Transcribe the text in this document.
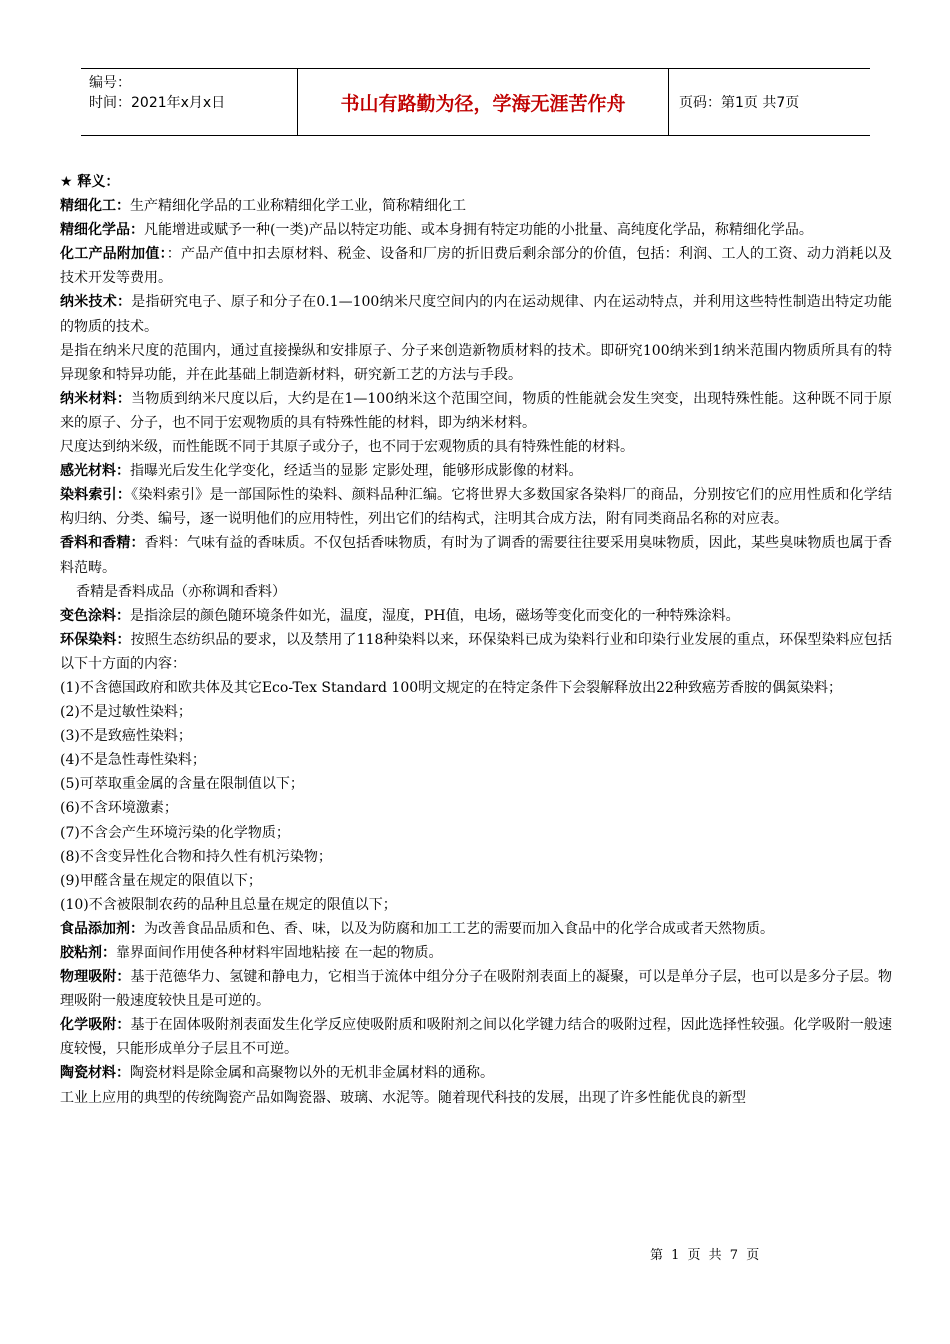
编号：
时间：2021年x月x日	书山有路勤为径，学海无涯苦作舟	页码：第1页 共7页

★ 释义：

精细化工：生产精细化学品的工业称精细化学工业，简称精细化工

精细化学品：凡能增进或赋予一种(一类)产品以特定功能、或本身拥有特定功能的小批量、高纯度化学品，称精细化学品。

化工产品附加值：：产品产值中扣去原材料、税金、设备和厂房的折旧费后剩余部分的价值，包括：利润、工人的工资、动力消耗以及技术开发等费用。

纳米技术：是指研究电子、原子和分子在0.1—100纳米尺度空间内的内在运动规律、内在运动特点，并利用这些特性制造出特定功能的物质的技术。

是指在纳米尺度的范围内，通过直接操纵和安排原子、分子来创造新物质材料的技术。即研究100纳米到1纳米范围内物质所具有的特异现象和特异功能，并在此基础上制造新材料，研究新工艺的方法与手段。

纳米材料：当物质到纳米尺度以后，大约是在1—100纳米这个范围空间，物质的性能就会发生突变，出现特殊性能。这种既不同于原来的原子、分子，也不同于宏观物质的具有特殊性能的材料，即为纳米材料。

尺度达到纳米级，而性能既不同于其原子或分子，也不同于宏观物质的具有特殊性能的材料。

感光材料：指曝光后发生化学变化，经适当的显影 定影处理，能够形成影像的材料。

染料索引：《染料索引》是一部国际性的染料、颜料品种汇编。它将世界大多数国家各染料厂的商品，分别按它们的应用性质和化学结构归纳、分类、编号，逐一说明他们的应用特性，列出它们的结构式，注明其合成方法，附有同类商品名称的对应表。

香料和香精：香料：气味有益的香味质。不仅包括香味物质，有时为了调香的需要往往要采用臭味物质，因此，某些臭味物质也属于香料范畴。

香精是香料成品（亦称调和香料）

变色涂料：是指涂层的颜色随环境条件如光，温度，湿度，PH值，电场，磁场等变化而变化的一种特殊涂料。

环保染料：按照生态纺织品的要求，以及禁用了118种染料以来，环保染料已成为染料行业和印染行业发展的重点，环保型染料应包括以下十方面的内容：

(1)不含德国政府和欧共体及其它Eco-Tex Standard 100明文规定的在特定条件下会裂解释放出22种致癌芳香胺的偶氮染料；

(2)不是过敏性染料；

(3)不是致癌性染料；

(4)不是急性毒性染料；

(5)可萃取重金属的含量在限制值以下；

(6)不含环境激素；

(7)不含会产生环境污染的化学物质；

(8)不含变异性化合物和持久性有机污染物；

(9)甲醛含量在规定的限值以下；

(10)不含被限制农药的品种且总量在规定的限值以下；

食品添加剂：为改善食品品质和色、香、味，以及为防腐和加工工艺的需要而加入食品中的化学合成或者天然物质。

胶粘剂：靠界面间作用使各种材料牢固地粘接 在一起的物质。

物理吸附：基于范德华力、氢键和静电力，它相当于流体中组分分子在吸附剂表面上的凝聚，可以是单分子层，也可以是多分子层。物理吸附一般速度较快且是可逆的。

化学吸附：基于在固体吸附剂表面发生化学反应使吸附质和吸附剂之间以化学键力结合的吸附过程，因此选择性较强。化学吸附一般速度较慢，只能形成单分子层且不可逆。

陶瓷材料：陶瓷材料是除金属和高聚物以外的无机非金属材料的通称。

工业上应用的典型的传统陶瓷产品如陶瓷器、玻璃、水泥等。随着现代科技的发展，出现了许多性能优良的新型

第 1 页 共 7 页
